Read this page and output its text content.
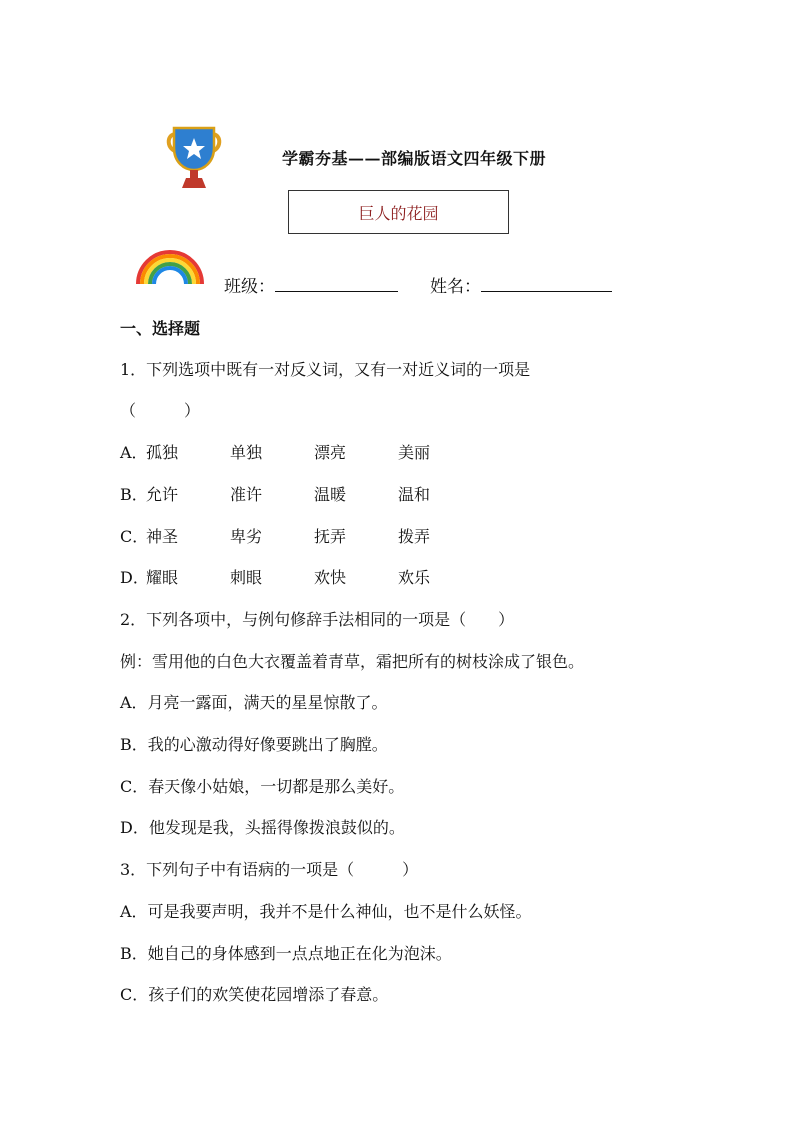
学霸夯基——部编版语文四年级下册
巨人的花园
班级：	姓名：
一、选择题
1．下列选项中既有一对反义词，又有一对近义词的一项是
（　　　）
A．
孤独	单独	漂亮	美丽
B．
允许	准许	温暖	温和
C．
神圣	卑劣	抚弄	拨弄
D．
耀眼	刺眼	欢快	欢乐
2．下列各项中，与例句修辞手法相同的一项是（　　）
例：雪用他的白色大衣覆盖着青草，霜把所有的树枝涂成了银色。
A．月亮一露面，满天的星星惊散了。
B．我的心激动得好像要跳出了胸膛。
C．春天像小姑娘，一切都是那么美好。
D．他发现是我，头摇得像拨浪鼓似的。
3．下列句子中有语病的一项是（　　　）
A．可是我要声明，我并不是什么神仙，也不是什么妖怪。
B．她自己的身体感到一点点地正在化为泡沫。
C．孩子们的欢笑使花园增添了春意。
